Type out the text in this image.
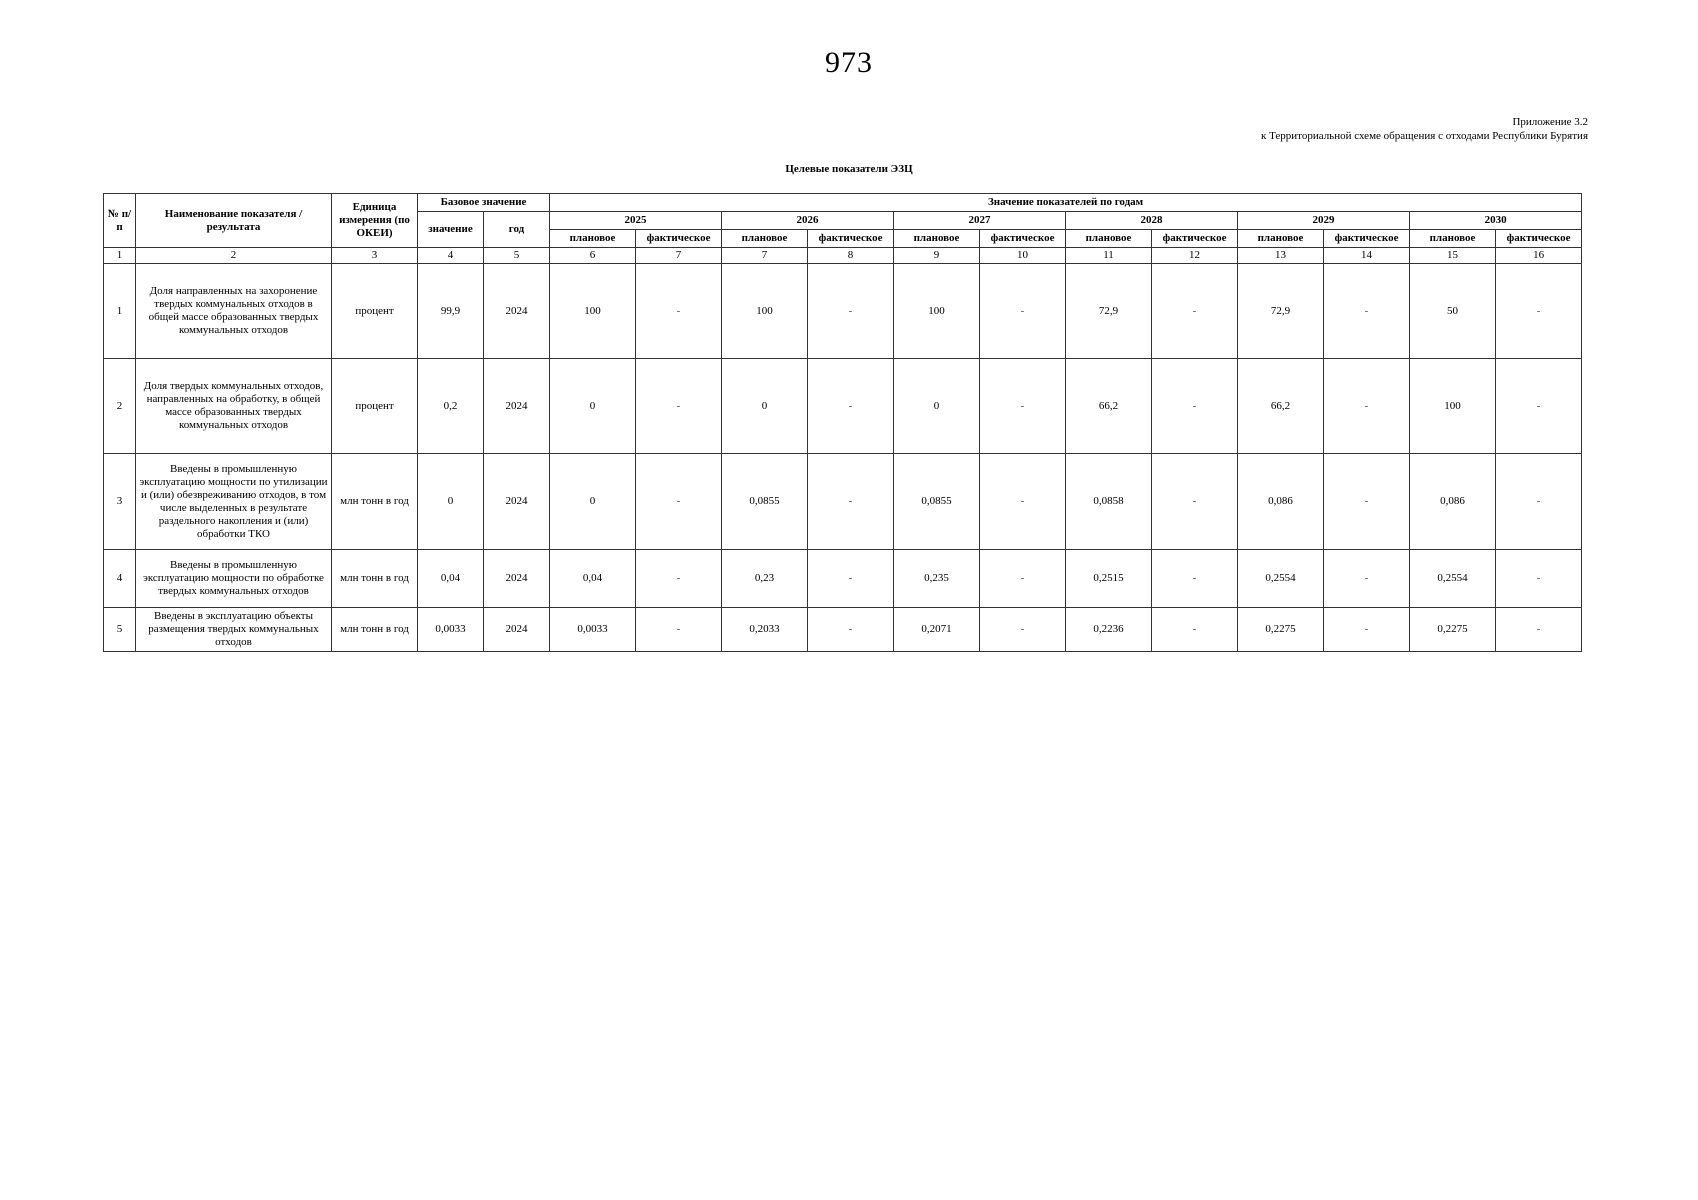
973
Приложение 3.2
к Территориальной схеме обращения с отходами Республики Бурятия
Целевые показатели ЭЗЦ
№ п/п	Наименование показателя / результата	Единица измерения (по ОКЕИ)	Базовое значение		Значение показателей по годам											
			значение	год	2025		2026		2027		2028		2029		2030	
					плановое	фактическое	плановое	фактическое	плановое	фактическое	плановое	фактическое	плановое	фактическое	плановое	фактическое
1	2	3	4	5	6	7	7	8	9	10	11	12	13	14	15	16
1	Доля направленных на захоронение твердых коммунальных отходов в общей массе образованных твердых коммунальных отходов	процент	99,9	2024	100	-	100	-	100	-	72,9	-	72,9	-	50	-
2	Доля твердых коммунальных отходов, направленных на обработку, в общей массе образованных твердых коммунальных отходов	процент	0,2	2024	0	-	0	-	0	-	66,2	-	66,2	-	100	-
3	Введены в промышленную эксплуатацию мощности по утилизации и (или) обезвреживанию отходов, в том числе выделенных в результате раздельного накопления и (или) обработки ТКО	млн тонн в год	0	2024	0	-	0,0855	-	0,0855	-	0,0858	-	0,086	-	0,086	-
4	Введены в промышленную эксплуатацию мощности по обработке твердых коммунальных отходов	млн тонн в год	0,04	2024	0,04	-	0,23	-	0,235	-	0,2515	-	0,2554	-	0,2554	-
5	Введены в эксплуатацию объекты размещения твердых коммунальных отходов	млн тонн в год	0,0033	2024	0,0033	-	0,2033	-	0,2071	-	0,2236	-	0,2275	-	0,2275	-
